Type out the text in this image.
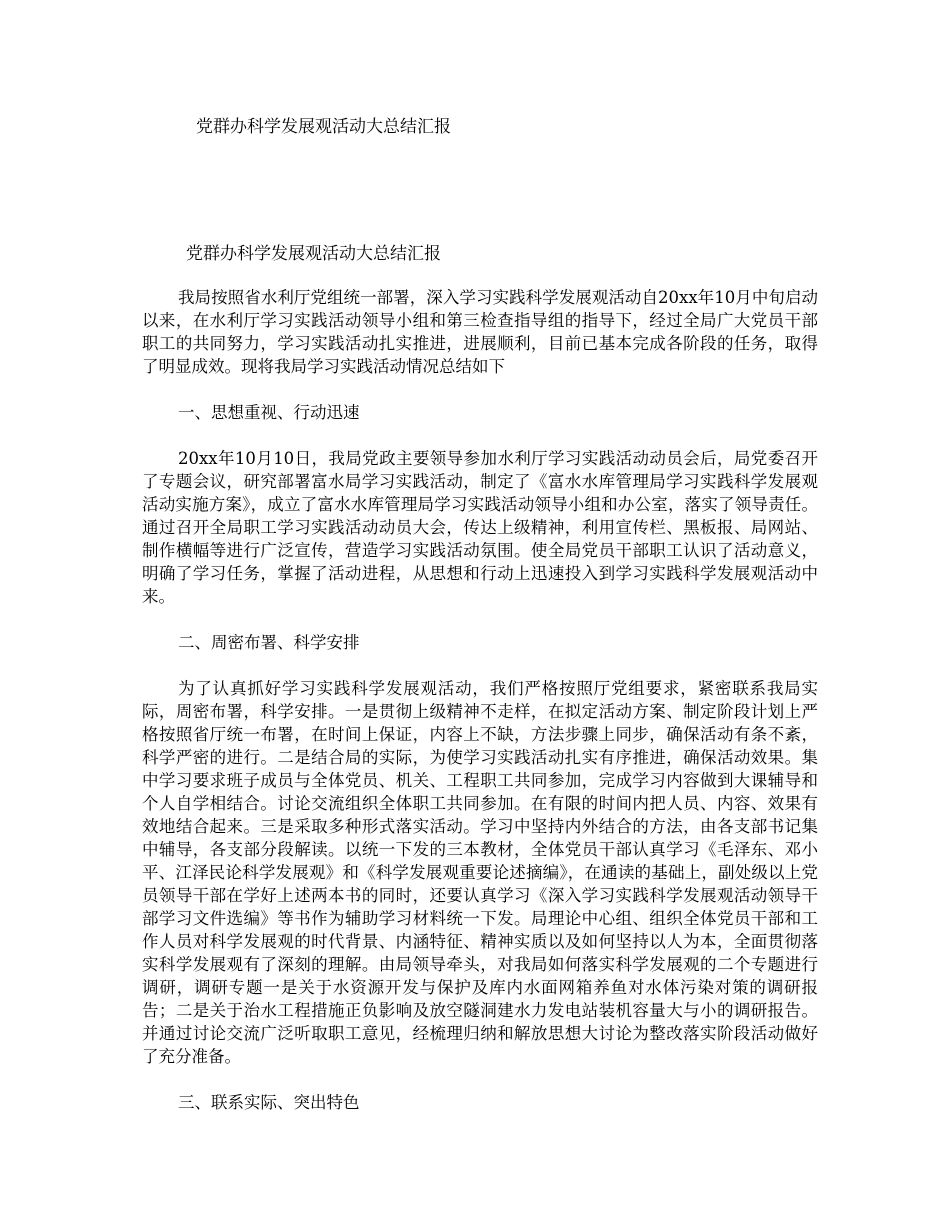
党群办科学发展观活动大总结汇报
党群办科学发展观活动大总结汇报

我局按照省水利厅党组统一部署，深入学习实践科学发展观活动自20xx年10月中旬启动以来，在水利厅学习实践活动领导小组和第三检查指导组的指导下，经过全局广大党员干部职工的共同努力，学习实践活动扎实推进，进展顺利，目前已基本完成各阶段的任务，取得了明显成效。现将我局学习实践活动情况总结如下

一、思想重视、行动迅速

20xx年10月10日，我局党政主要领导参加水利厅学习实践活动动员会后，局党委召开了专题会议，研究部署富水局学习实践活动，制定了《富水水库管理局学习实践科学发展观活动实施方案》，成立了富水水库管理局学习实践活动领导小组和办公室，落实了领导责任。通过召开全局职工学习实践活动动员大会，传达上级精神，利用宣传栏、黑板报、局网站、制作横幅等进行广泛宣传，营造学习实践活动氛围。使全局党员干部职工认识了活动意义，明确了学习任务，掌握了活动进程，从思想和行动上迅速投入到学习实践科学发展观活动中来。

二、周密布署、科学安排

为了认真抓好学习实践科学发展观活动，我们严格按照厅党组要求，紧密联系我局实际，周密布署，科学安排。一是贯彻上级精神不走样，在拟定活动方案、制定阶段计划上严格按照省厅统一布署，在时间上保证，内容上不缺，方法步骤上同步，确保活动有条不紊，科学严密的进行。二是结合局的实际，为使学习实践活动扎实有序推进，确保活动效果。集中学习要求班子成员与全体党员、机关、工程职工共同参加，完成学习内容做到大课辅导和个人自学相结合。讨论交流组织全体职工共同参加。在有限的时间内把人员、内容、效果有效地结合起来。三是采取多种形式落实活动。学习中坚持内外结合的方法，由各支部书记集中辅导，各支部分段解读。以统一下发的三本教材，全体党员干部认真学习《毛泽东、邓小平、江泽民论科学发展观》和《科学发展观重要论述摘编》，在通读的基础上，副处级以上党员领导干部在学好上述两本书的同时，还要认真学习《深入学习实践科学发展观活动领导干部学习文件选编》等书作为辅助学习材料统一下发。局理论中心组、组织全体党员干部和工作人员对科学发展观的时代背景、内涵特征、精神实质以及如何坚持以人为本，全面贯彻落实科学发展观有了深刻的理解。由局领导牵头，对我局如何落实科学发展观的二个专题进行调研，调研专题一是关于水资源开发与保护及库内水面网箱养鱼对水体污染对策的调研报告；二是关于治水工程措施正负影响及放空隧洞建水力发电站装机容量大与小的调研报告。并通过讨论交流广泛听取职工意见，经梳理归纳和解放思想大讨论为整改落实阶段活动做好了充分准备。

三、联系实际、突出特色
